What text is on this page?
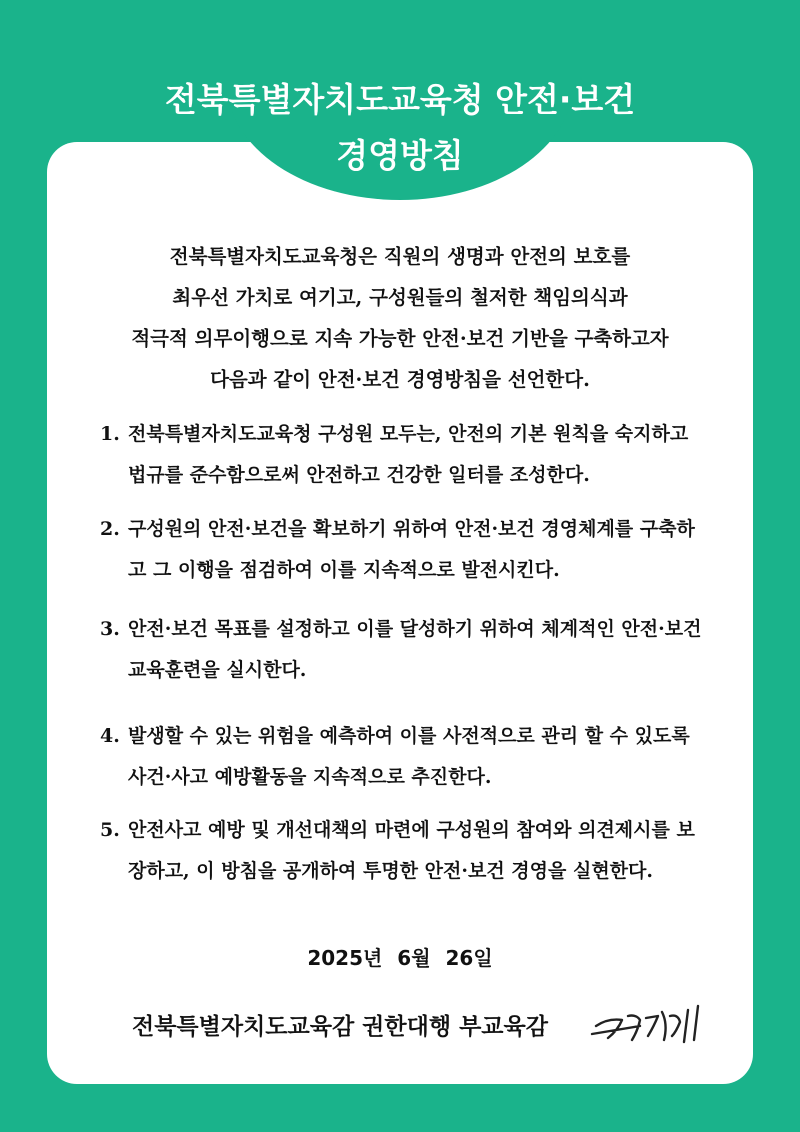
전북특별자치도교육청 안전·보건
경영방침
전북특별자치도교육청은 직원의 생명과 안전의 보호를
최우선 가치로 여기고, 구성원들의 철저한 책임의식과
적극적 의무이행으로 지속 가능한 안전·보건 기반을 구축하고자
다음과 같이 안전·보건 경영방침을 선언한다.
1. 전북특별자치도교육청 구성원 모두는, 안전의 기본 원칙을 숙지하고 법규를 준수함으로써 안전하고 건강한 일터를 조성한다.
2. 구성원의 안전·보건을 확보하기 위하여 안전·보건 경영체계를 구축하고 그 이행을 점검하여 이를 지속적으로 발전시킨다.
3. 안전·보건 목표를 설정하고 이를 달성하기 위하여 체계적인 안전·보건 교육훈련을 실시한다.
4. 발생할 수 있는 위험을 예측하여 이를 사전적으로 관리 할 수 있도록 사건·사고 예방활동을 지속적으로 추진한다.
5. 안전사고 예방 및 개선대책의 마련에 구성원의 참여와 의견제시를 보장하고, 이 방침을 공개하여 투명한 안전·보건 경영을 실현한다.
2025년 6월 26일
전북특별자치도교육감 권한대행 부교육감
